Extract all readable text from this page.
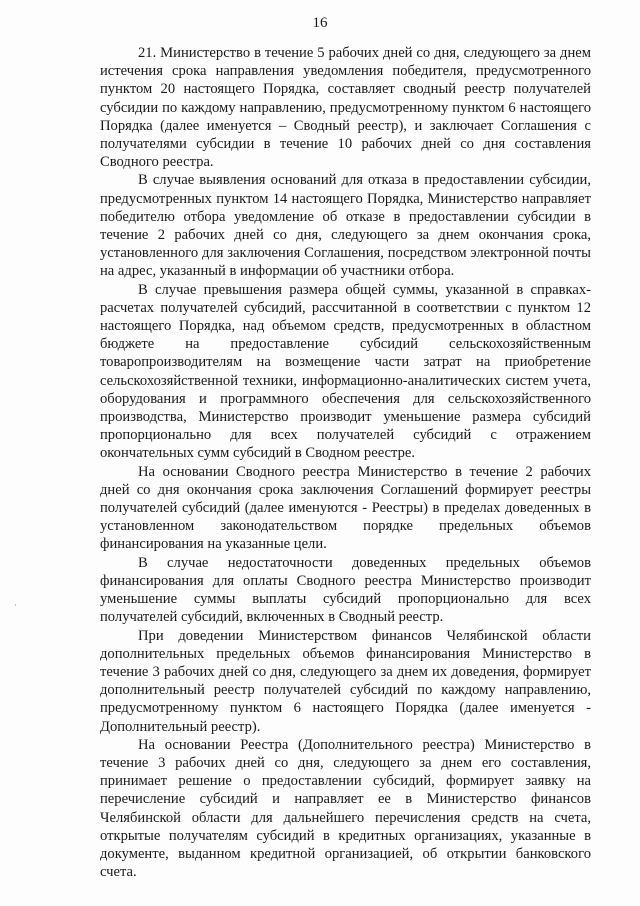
16

21. Министерство в течение 5 рабочих дней со дня, следующего за днем истечения срока направления уведомления победителя, предусмотренного пунктом 20 настоящего Порядка, составляет сводный реестр получателей субсидии по каждому направлению, предусмотренному пунктом 6 настоящего Порядка (далее именуется – Сводный реестр), и заключает Соглашения с получателями субсидии в течение 10 рабочих дней со дня составления Сводного реестра.

В случае выявления оснований для отказа в предоставлении субсидии, предусмотренных пунктом 14 настоящего Порядка, Министерство направляет победителю отбора уведомление об отказе в предоставлении субсидии в течение 2 рабочих дней со дня, следующего за днем окончания срока, установленного для заключения Соглашения, посредством электронной почты на адрес, указанный в информации об участники отбора.

В случае превышения размера общей суммы, указанной в справках-расчетах получателей субсидий, рассчитанной в соответствии с пунктом 12 настоящего Порядка, над объемом средств, предусмотренных в областном бюджете на предоставление субсидий сельскохозяйственным товаропроизводителям на возмещение части затрат на приобретение сельскохозяйственной техники, информационно-аналитических систем учета, оборудования и программного обеспечения для сельскохозяйственного производства, Министерство производит уменьшение размера субсидий пропорционально для всех получателей субсидий с отражением окончательных сумм субсидий в Сводном реестре.

На основании Сводного реестра Министерство в течение 2 рабочих дней со дня окончания срока заключения Соглашений формирует реестры получателей субсидий (далее именуются - Реестры) в пределах доведенных в установленном законодательством порядке предельных объемов финансирования на указанные цели.

В случае недостаточности доведенных предельных объемов финансирования для оплаты Сводного реестра Министерство производит уменьшение суммы выплаты субсидий пропорционально для всех получателей субсидий, включенных в Сводный реестр.

При доведении Министерством финансов Челябинской области дополнительных предельных объемов финансирования Министерство в течение 3 рабочих дней со дня, следующего за днем их доведения, формирует дополнительный реестр получателей субсидий по каждому направлению, предусмотренному пунктом 6 настоящего Порядка (далее именуется - Дополнительный реестр).

На основании Реестра (Дополнительного реестра) Министерство в течение 3 рабочих дней со дня, следующего за днем его составления, принимает решение о предоставлении субсидий, формирует заявку на перечисление субсидий и направляет ее в Министерство финансов Челябинской области для дальнейшего перечисления средств на счета, открытые получателям субсидий в кредитных организациях, указанные в документе, выданном кредитной организацией, об открытии банковского счета.

·
